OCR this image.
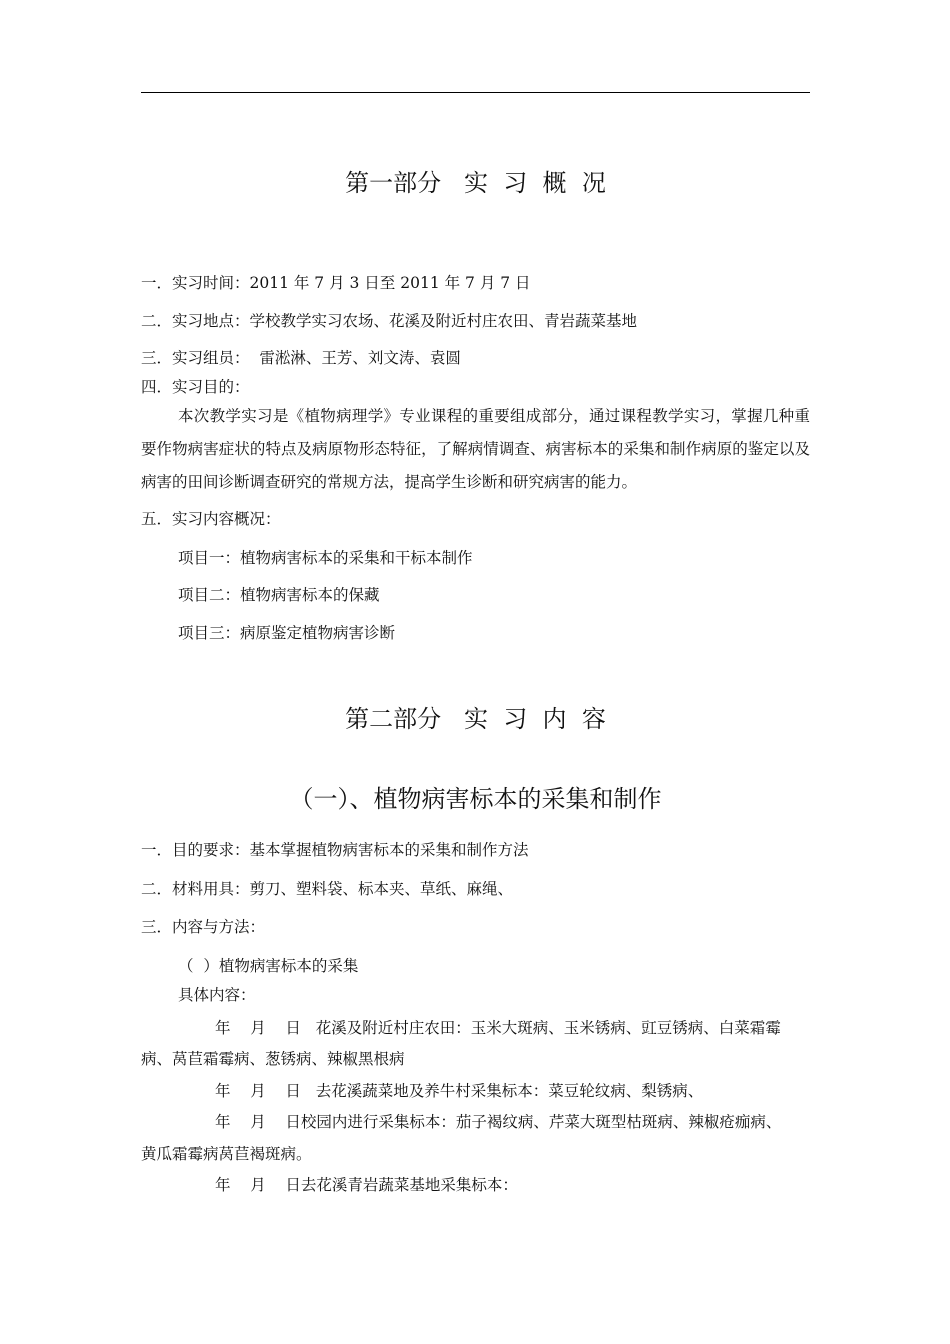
第一部分   实  习  概  况
一．实习时间：2011 年 7 月 3 日至 2011 年 7 月 7 日
二．实习地点：学校教学实习农场、花溪及附近村庄农田、青岩蔬菜基地
三．实习组员：  雷淞淋、王芳、刘文涛、袁圆
四．实习目的：
本次教学实习是《植物病理学》专业课程的重要组成部分，通过课程教学实习，掌握几种重要作物病害症状的特点及病原物形态特征，了解病情调查、病害标本的采集和制作病原的鉴定以及病害的田间诊断调查研究的常规方法，提高学生诊断和研究病害的能力。
五．实习内容概况：
项目一：植物病害标本的采集和干标本制作
项目二：植物病害标本的保藏
项目三：病原鉴定植物病害诊断
第二部分   实  习  内  容
（一）、植物病害标本的采集和制作
一．目的要求：基本掌握植物病害标本的采集和制作方法
二．材料用具：剪刀、塑料袋、标本夹、草纸、麻绳、
三．内容与方法：
（  ）植物病害标本的采集
具体内容：
年    月    日   花溪及附近村庄农田：玉米大斑病、玉米锈病、豇豆锈病、白菜霜霉
病、莴苣霜霉病、葱锈病、辣椒黑根病
年    月    日   去花溪蔬菜地及养牛村采集标本：菜豆轮纹病、梨锈病、
年    月    日校园内进行采集标本：茄子褐纹病、芹菜大斑型枯斑病、辣椒疮痂病、
黄瓜霜霉病莴苣褐斑病。
年    月    日去花溪青岩蔬菜基地采集标本：
